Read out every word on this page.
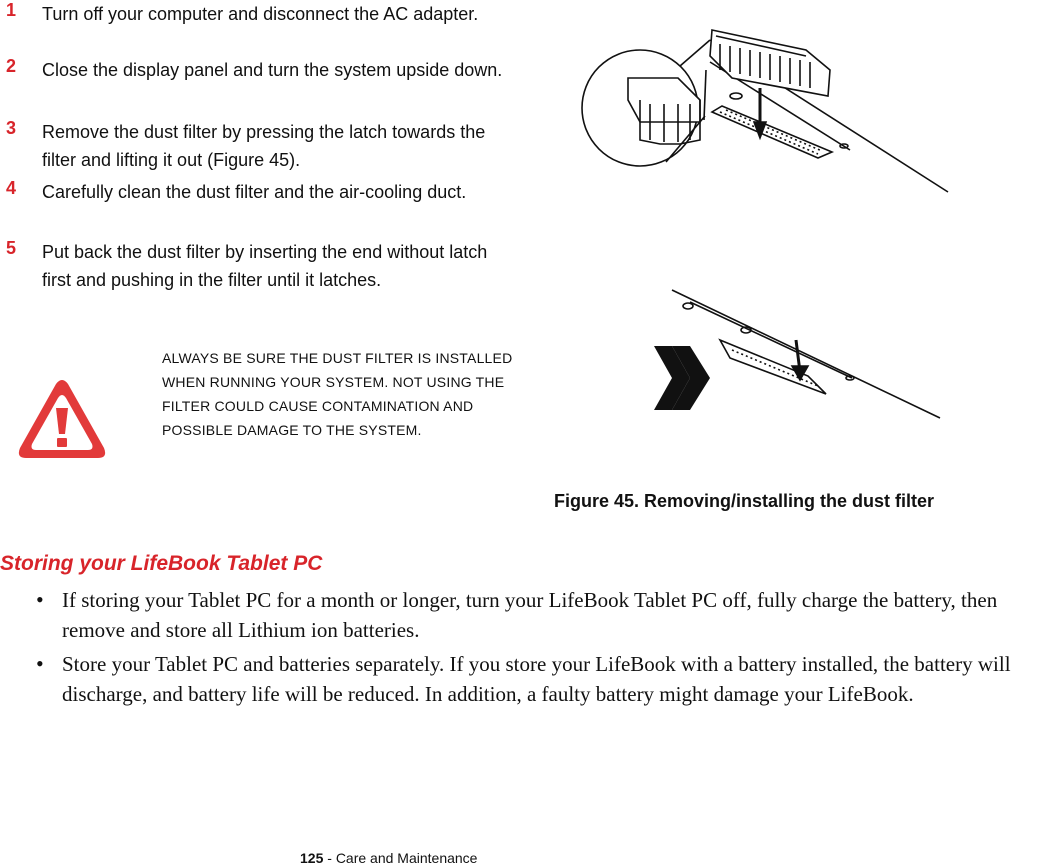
1 Turn off your computer and disconnect the AC adapter.
2 Close the display panel and turn the system upside down.
3 Remove the dust filter by pressing the latch towards the filter and lifting it out (Figure 45).
4 Carefully clean the dust filter and the air-cooling duct.
5 Put back the dust filter by inserting the end without latch first and pushing in the filter until it latches.
ALWAYS BE SURE THE DUST FILTER IS INSTALLED WHEN RUNNING YOUR SYSTEM. NOT USING THE FILTER COULD CAUSE CONTAMINATION AND POSSIBLE DAMAGE TO THE SYSTEM.
Figure 45. Removing/installing the dust filter
Storing your LifeBook Tablet PC
• If storing your Tablet PC for a month or longer, turn your LifeBook Tablet PC off, fully charge the battery, then remove and store all Lithium ion batteries.
• Store your Tablet PC and batteries separately. If you store your LifeBook with a battery installed, the battery will discharge, and battery life will be reduced. In addition, a faulty battery might damage your LifeBook.
125 - Care and Maintenance
